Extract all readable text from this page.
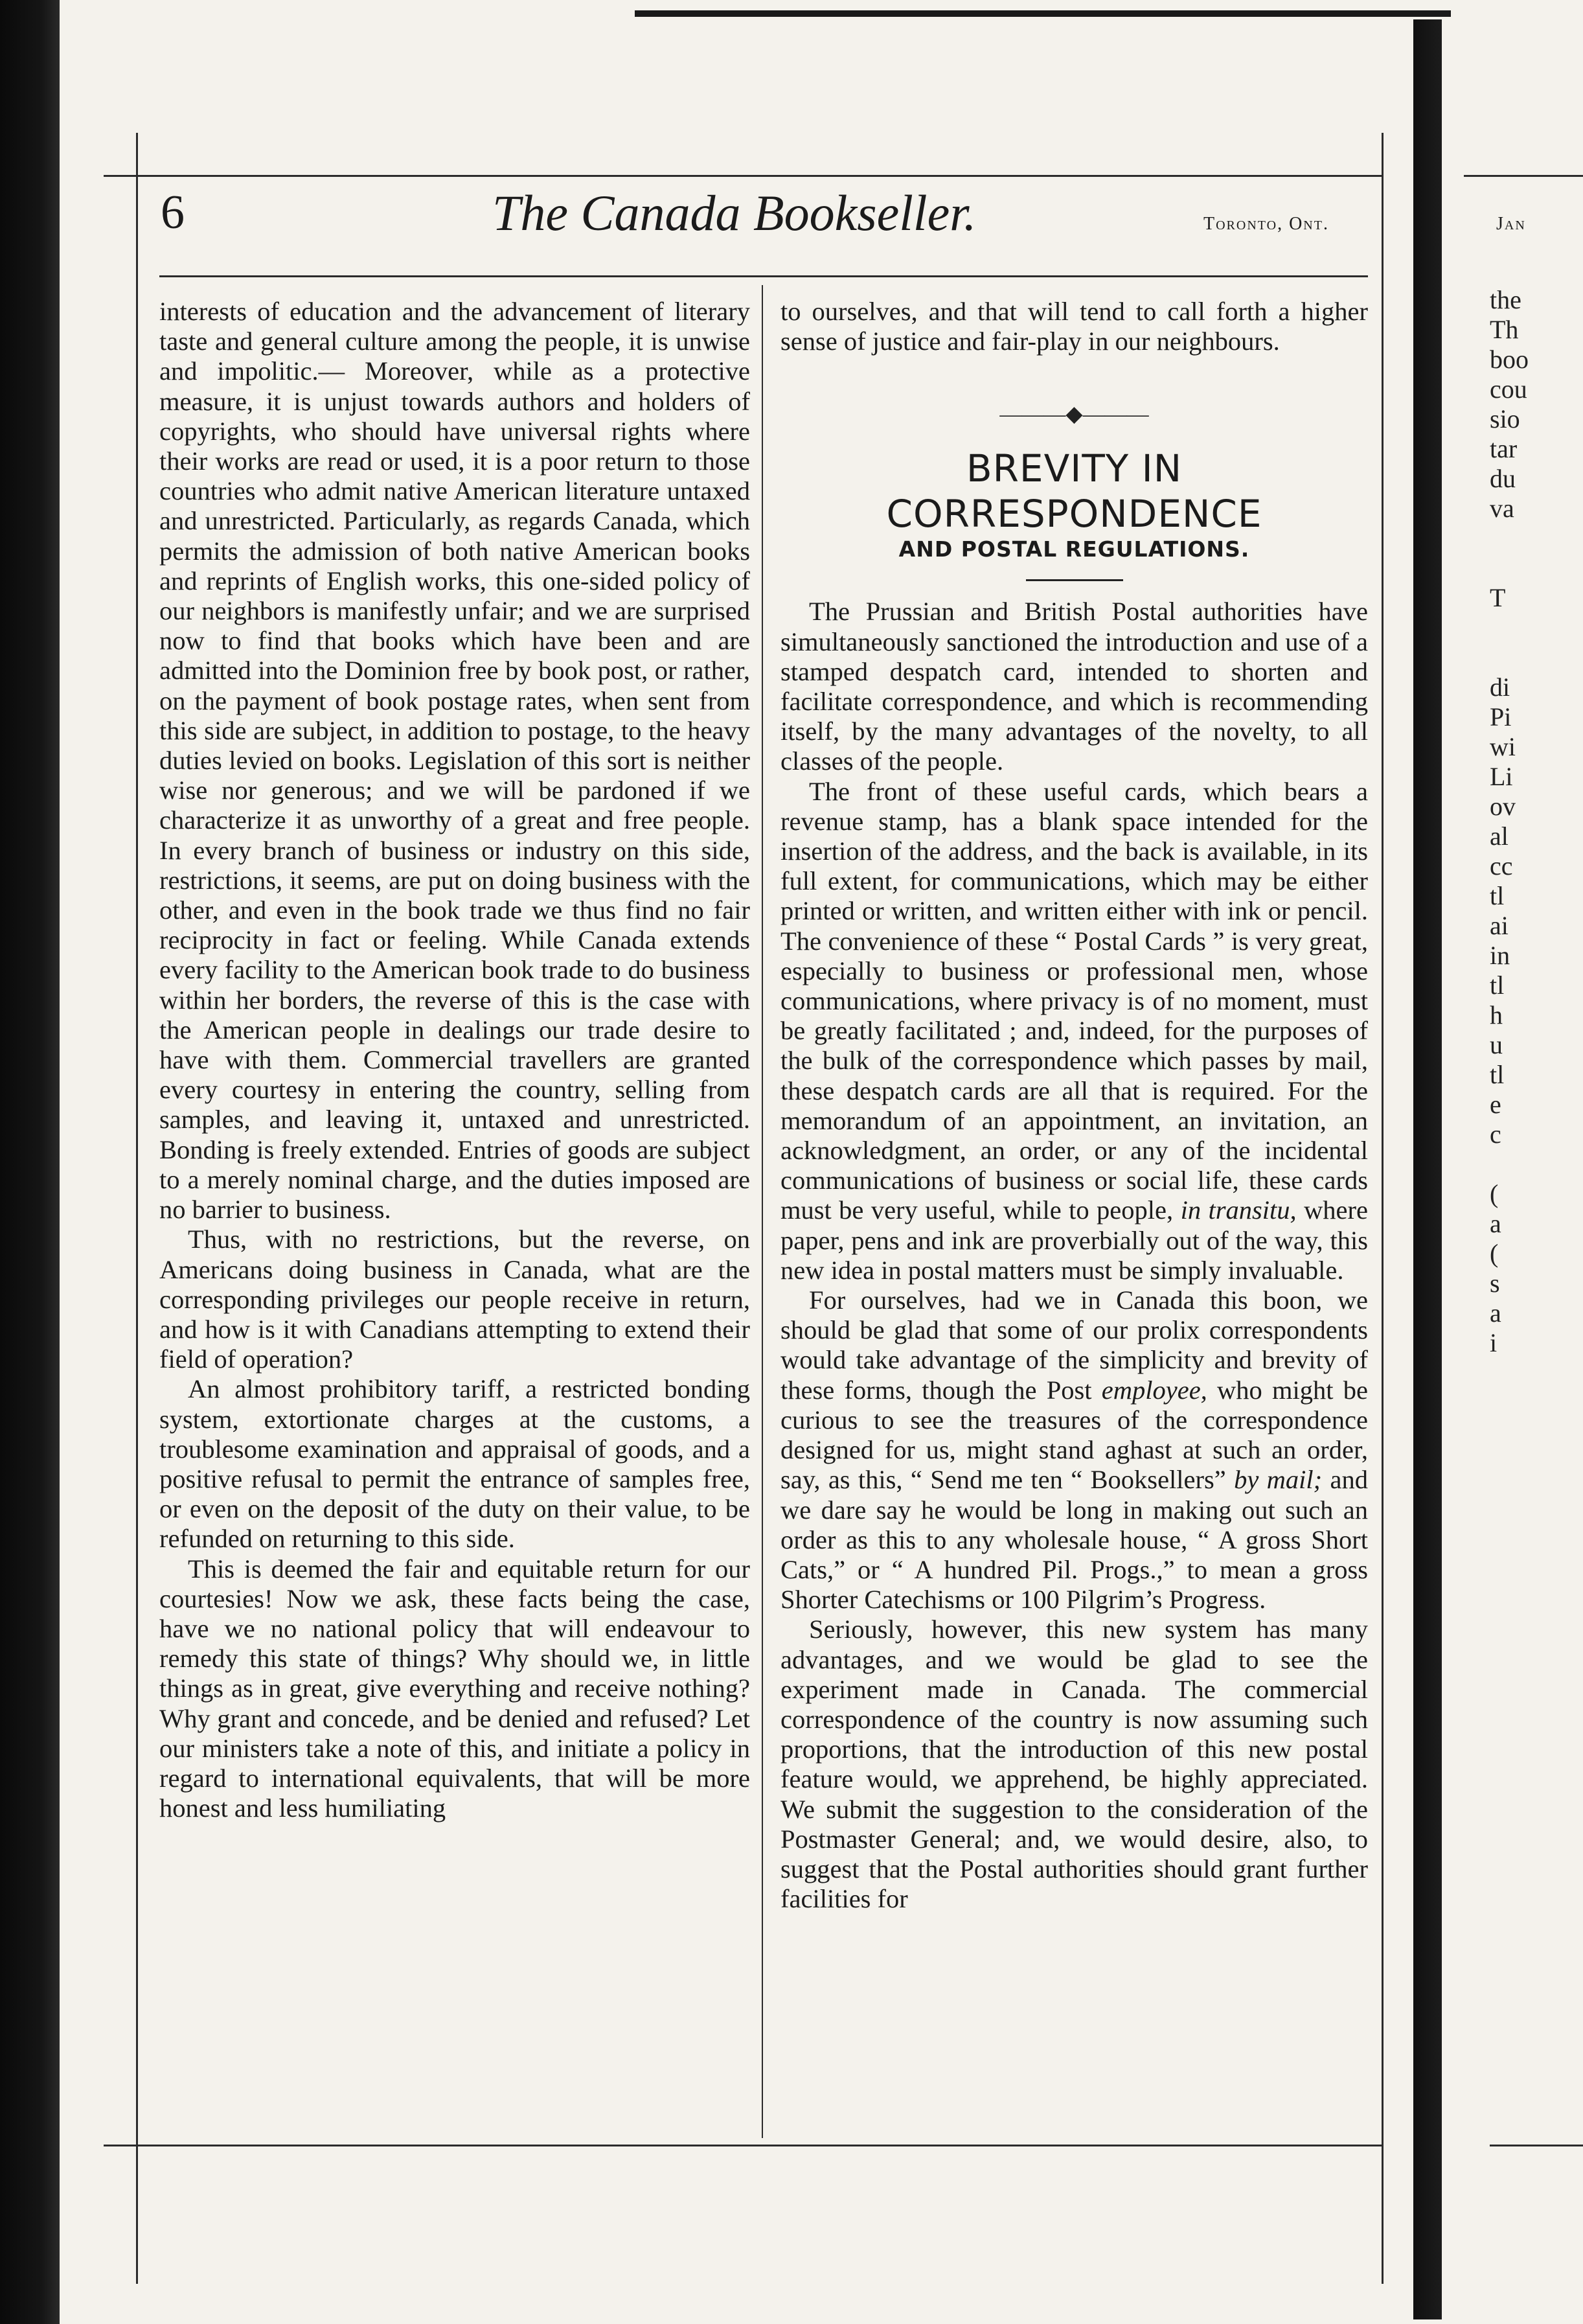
6	The Canada Bookseller.	Toronto, Ont.

interests of education and the advancement of literary taste and general culture among the people, it is unwise and impolitic.— Moreover, while as a protective measure, it is unjust towards authors and holders of copyrights, who should have universal rights where their works are read or used, it is a poor return to those countries who admit native American literature untaxed and unrestricted. Particularly, as regards Canada, which permits the admission of both native American books and reprints of English works, this one-sided policy of our neighbors is manifestly unfair; and we are surprised now to find that books which have been and are admitted into the Dominion free by book post, or rather, on the payment of book postage rates, when sent from this side are subject, in addition to postage, to the heavy duties levied on books. Legislation of this sort is neither wise nor generous; and we will be pardoned if we characterize it as unworthy of a great and free people. In every branch of business or industry on this side, restrictions, it seems, are put on doing business with the other, and even in the book trade we thus find no fair reciprocity in fact or feeling. While Canada extends every facility to the American book trade to do business within her borders, the reverse of this is the case with the American people in dealings our trade desire to have with them. Commercial travellers are granted every courtesy in entering the country, selling from samples, and leaving it, untaxed and unrestricted. Bonding is freely extended. Entries of goods are subject to a merely nominal charge, and the duties imposed are no barrier to business.

Thus, with no restrictions, but the reverse, on Americans doing business in Canada, what are the corresponding privileges our people receive in return, and how is it with Canadians attempting to extend their field of operation?

An almost prohibitory tariff, a restricted bonding system, extortionate charges at the customs, a troublesome examination and appraisal of goods, and a positive refusal to permit the entrance of samples free, or even on the deposit of the duty on their value, to be refunded on returning to this side.

This is deemed the fair and equitable return for our courtesies! Now we ask, these facts being the case, have we no national policy that will endeavour to remedy this state of things? Why should we, in little things as in great, give everything and receive nothing? Why grant and concede, and be denied and refused? Let our ministers take a note of this, and initiate a policy in regard to international equivalents, that will be more honest and less humiliating

to ourselves, and that will tend to call forth a higher sense of justice and fair-play in our neighbours.

———◆———
BREVITY IN CORRESPONDENCE
AND POSTAL REGULATIONS.

The Prussian and British Postal authorities have simultaneously sanctioned the introduction and use of a stamped despatch card, intended to shorten and facilitate correspondence, and which is recommending itself, by the many advantages of the novelty, to all classes of the people.

The front of these useful cards, which bears a revenue stamp, has a blank space intended for the insertion of the address, and the back is available, in its full extent, for communications, which may be either printed or written, and written either with ink or pencil. The convenience of these “ Postal Cards ” is very great, especially to business or professional men, whose communications, where privacy is of no moment, must be greatly facilitated ; and, indeed, for the purposes of the bulk of the correspondence which passes by mail, these despatch cards are all that is required. For the memorandum of an appointment, an invitation, an acknowledgment, an order, or any of the incidental communications of business or social life, these cards must be very useful, while to people, in transitu, where paper, pens and ink are proverbially out of the way, this new idea in postal matters must be simply invaluable.

For ourselves, had we in Canada this boon, we should be glad that some of our prolix correspondents would take advantage of the simplicity and brevity of these forms, though the Post employee, who might be curious to see the treasures of the correspondence designed for us, might stand aghast at such an order, say, as this, “ Send me ten “ Booksellers” by mail; and we dare say he would be long in making out such an order as this to any wholesale house, “ A gross Short Cats,” or “ A hundred Pil. Progs.,” to mean a gross Shorter Catechisms or 100 Pilgrim’s Progress.

Seriously, however, this new system has many advantages, and we would be glad to see the experiment made in Canada. The commercial correspondence of the country is now assuming such proportions, that the introduction of this new postal feature would, we apprehend, be highly appreciated. We submit the suggestion to the consideration of the Postmaster General; and, we would desire, also, to suggest that the Postal authorities should grant further facilities for

Jan
the
Th
boo
cou
sio
tar
du
va

T

di
Pi
wi
Li
ov
al
cc
tl
ai
in
tl
h
u
tl
e
c

(
a
(
s
a
i
